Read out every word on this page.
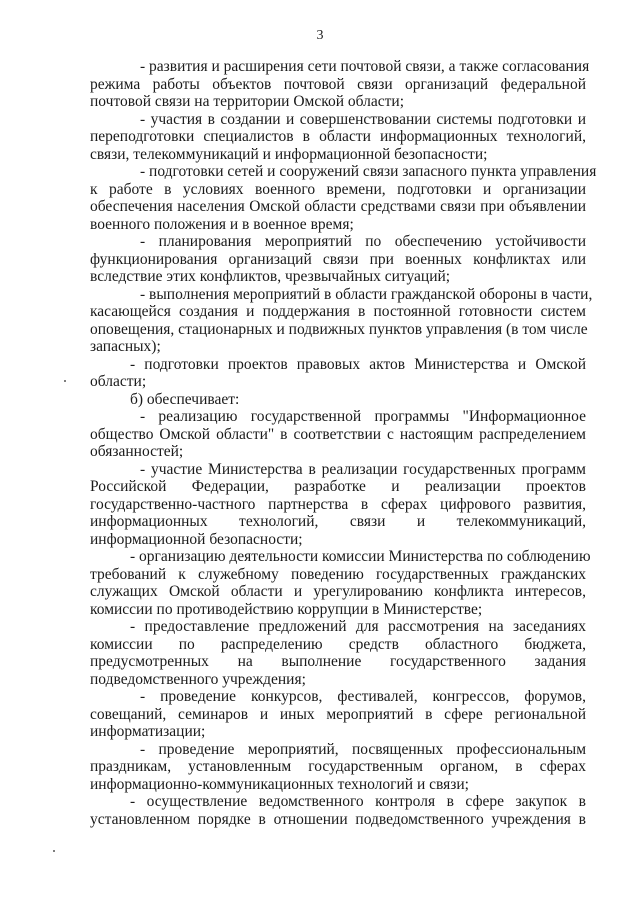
3
- развития и расширения сети почтовой связи, а также согласования
режима работы объектов почтовой связи организаций федеральной
почтовой связи на территории Омской области;
- участия в создании и совершенствовании системы подготовки и
переподготовки специалистов в области информационных технологий,
связи, телекоммуникаций и информационной безопасности;
- подготовки сетей и сооружений связи запасного пункта управления
к работе в условиях военного времени, подготовки и организации
обеспечения населения Омской области средствами связи при объявлении
военного положения и в военное время;
- планирования мероприятий по обеспечению устойчивости
функционирования организаций связи при военных конфликтах или
вследствие этих конфликтов, чрезвычайных ситуаций;
- выполнения мероприятий в области гражданской обороны в части,
касающейся создания и поддержания в постоянной готовности систем
оповещения, стационарных и подвижных пунктов управления (в том числе
запасных);
- подготовки проектов правовых актов Министерства и Омской
области;
б) обеспечивает:
- реализацию государственной программы "Информационное
общество Омской области" в соответствии с настоящим распределением
обязанностей;
- участие Министерства в реализации государственных программ
Российской Федерации, разработке и реализации проектов
государственно-частного партнерства в сферах цифрового развития,
информационных технологий, связи и телекоммуникаций,
информационной безопасности;
- организацию деятельности комиссии Министерства по соблюдению
требований к служебному поведению государственных гражданских
служащих Омской области и урегулированию конфликта интересов,
комиссии по противодействию коррупции в Министерстве;
- предоставление предложений для рассмотрения на заседаниях
комиссии по распределению средств областного бюджета,
предусмотренных на выполнение государственного задания
подведомственного учреждения;
- проведение конкурсов, фестивалей, конгрессов, форумов,
совещаний, семинаров и иных мероприятий в сфере региональной
информатизации;
- проведение мероприятий, посвященных профессиональным
праздникам, установленным государственным органом, в сферах
информационно-коммуникационных технологий и связи;
- осуществление ведомственного контроля в сфере закупок в
установленном порядке в отношении подведомственного учреждения в
